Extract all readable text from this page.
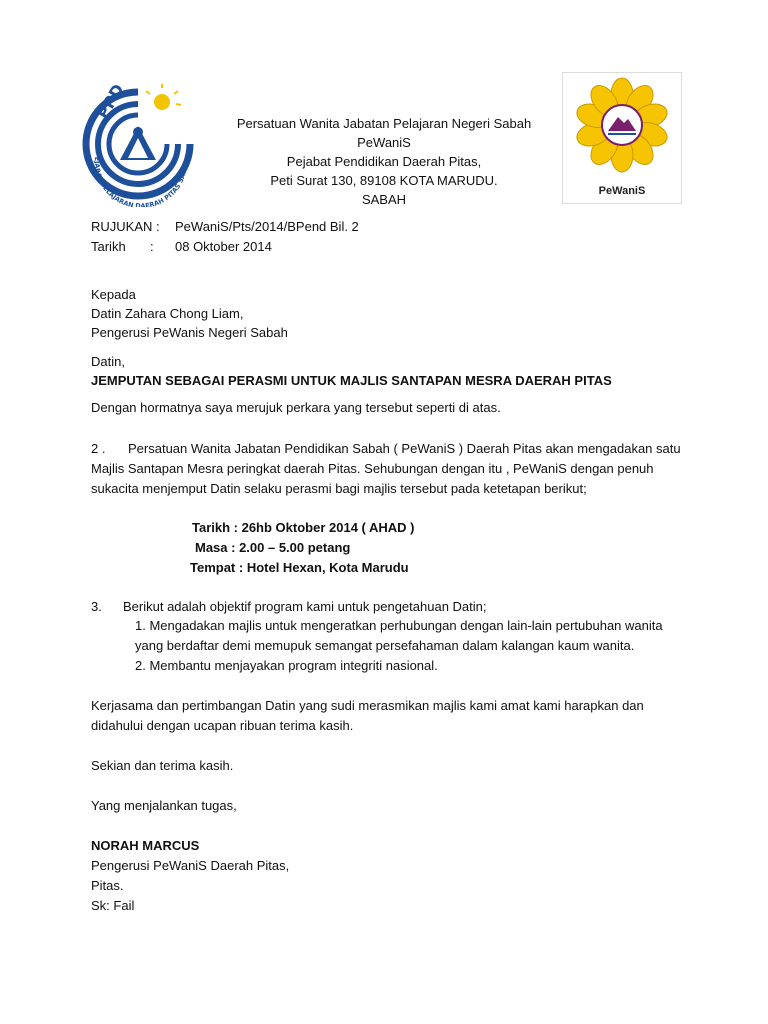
PPD
PEJABAT PELAJARAN DAERAH PITAS SAB
Persatuan Wanita Jabatan Pelajaran Negeri Sabah
PeWaniS
Pejabat Pendidikan Daerah Pitas,
Peti Surat 130, 89108 KOTA MARUDU.
SABAH
PeWaniS
RUJUKAN : PeWaniS/Pts/2014/BPend Bil. 2
Tarikh : 08 Oktober 2014
Kepada
Datin Zahara Chong Liam,
Pengerusi PeWanis Negeri Sabah
Datin,
JEMPUTAN SEBAGAI PERASMI UNTUK MAJLIS SANTAPAN MESRA DAERAH PITAS
Dengan hormatnya saya merujuk perkara yang tersebut seperti di atas.
2 . Persatuan Wanita Jabatan Pendidikan Sabah ( PeWaniS ) Daerah Pitas akan mengadakan satu
Majlis Santapan Mesra peringkat daerah Pitas. Sehubungan dengan itu , PeWaniS dengan penuh
sukacita menjemput Datin selaku perasmi bagi majlis tersebut pada ketetapan berikut;
Tarikh : 26hb Oktober 2014 ( AHAD )
Masa : 2.00 – 5.00 petang
Tempat : Hotel Hexan, Kota Marudu
3. Berikut adalah objektif program kami untuk pengetahuan Datin;
1. Mengadakan majlis untuk mengeratkan perhubungan dengan lain-lain pertubuhan wanita
yang berdaftar demi memupuk semangat persefahaman dalam kalangan kaum wanita.
2. Membantu menjayakan program integriti nasional.
Kerjasama dan pertimbangan Datin yang sudi merasmikan majlis kami amat kami harapkan dan
didahului dengan ucapan ribuan terima kasih.
Sekian dan terima kasih.
Yang menjalankan tugas,
NORAH MARCUS
Pengerusi PeWaniS Daerah Pitas,
Pitas.
Sk: Fail
